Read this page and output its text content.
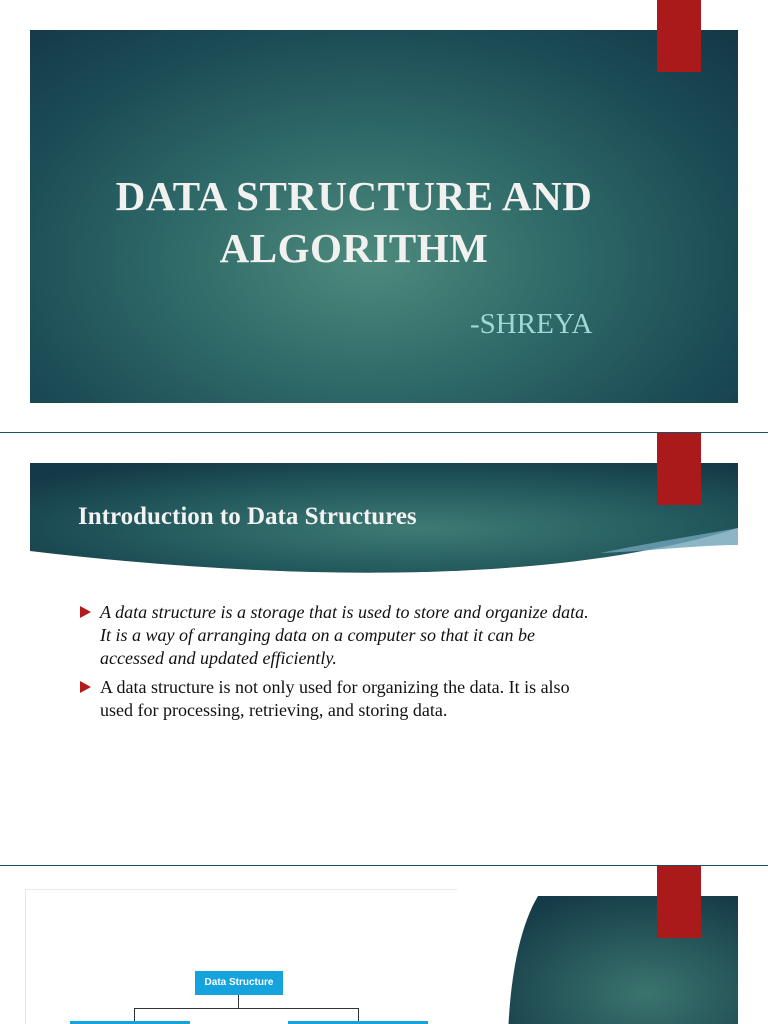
DATA STRUCTURE AND
ALGORITHM
-SHREYA
Introduction to Data Structures
A data structure is a storage that is used to store and organize data. It is a way of arranging data on a computer so that it can be accessed and updated efficiently.
A data structure is not only used for organizing the data. It is also used for processing, retrieving, and storing data.
Data Structure
